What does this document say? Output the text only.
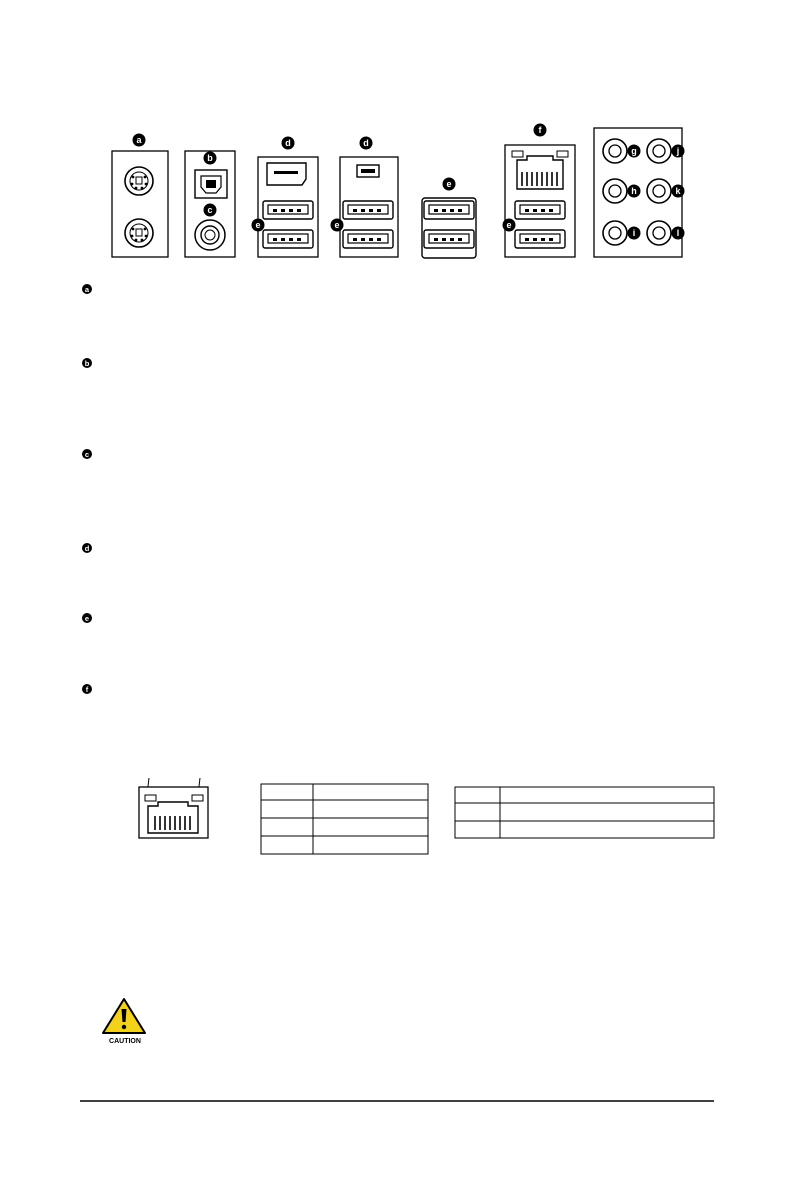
a
b
c
d	d
e	e
e
e
f
g
h
i
j
k
l
a
b
c
d
e
f
CAUTION
